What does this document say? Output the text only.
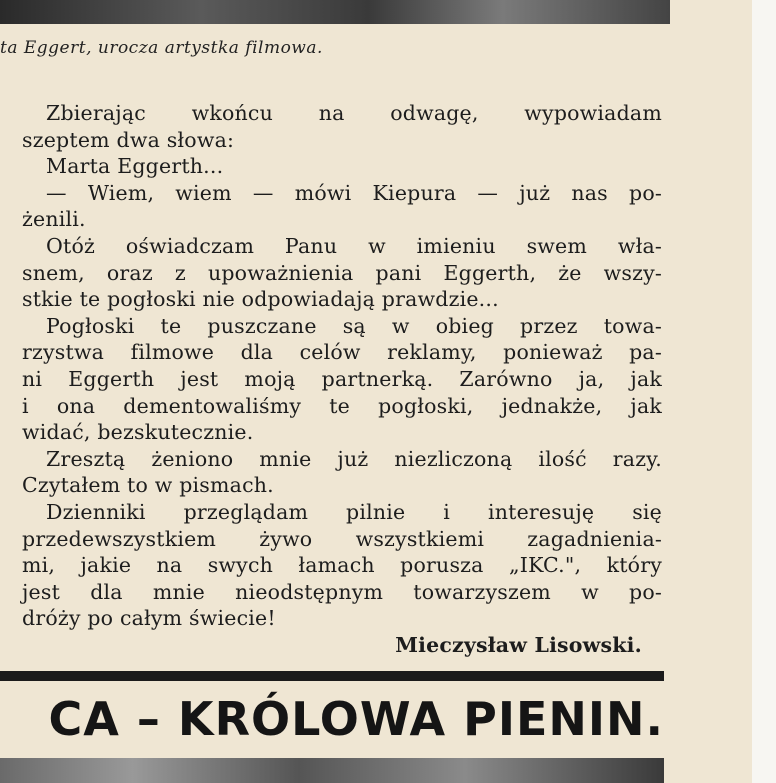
ta Eggert, urocza artystka filmowa.
Zbierając wkońcu na odwagę, wypowiadam
szeptem dwa słowa:
Marta Eggerth...
— Wiem, wiem — mówi Kiepura — już nas po-
żenili.
Otóż oświadczam Panu w imieniu swem wła-
snem, oraz z upoważnienia pani Eggerth, że wszy-
stkie te pogłoski nie odpowiadają prawdzie...
Pogłoski te puszczane są w obieg przez towa-
rzystwa filmowe dla celów reklamy, ponieważ pa-
ni Eggerth jest moją partnerką. Zarówno ja, jak
i ona dementowaliśmy te pogłoski, jednakże, jak
widać, bezskutecznie.
Zresztą żeniono mnie już niezliczoną ilość razy.
Czytałem to w pismach.
Dzienniki przeglądam pilnie i interesuję się
przedewszystkiem żywo wszystkiemi zagadnienia-
mi, jakie na swych łamach porusza „IKC.", który
jest dla mnie nieodstępnym towarzyszem w po-
dróży po całym świecie!
Mieczysław Lisowski.
CA – KRÓLOWA PIENIN.
